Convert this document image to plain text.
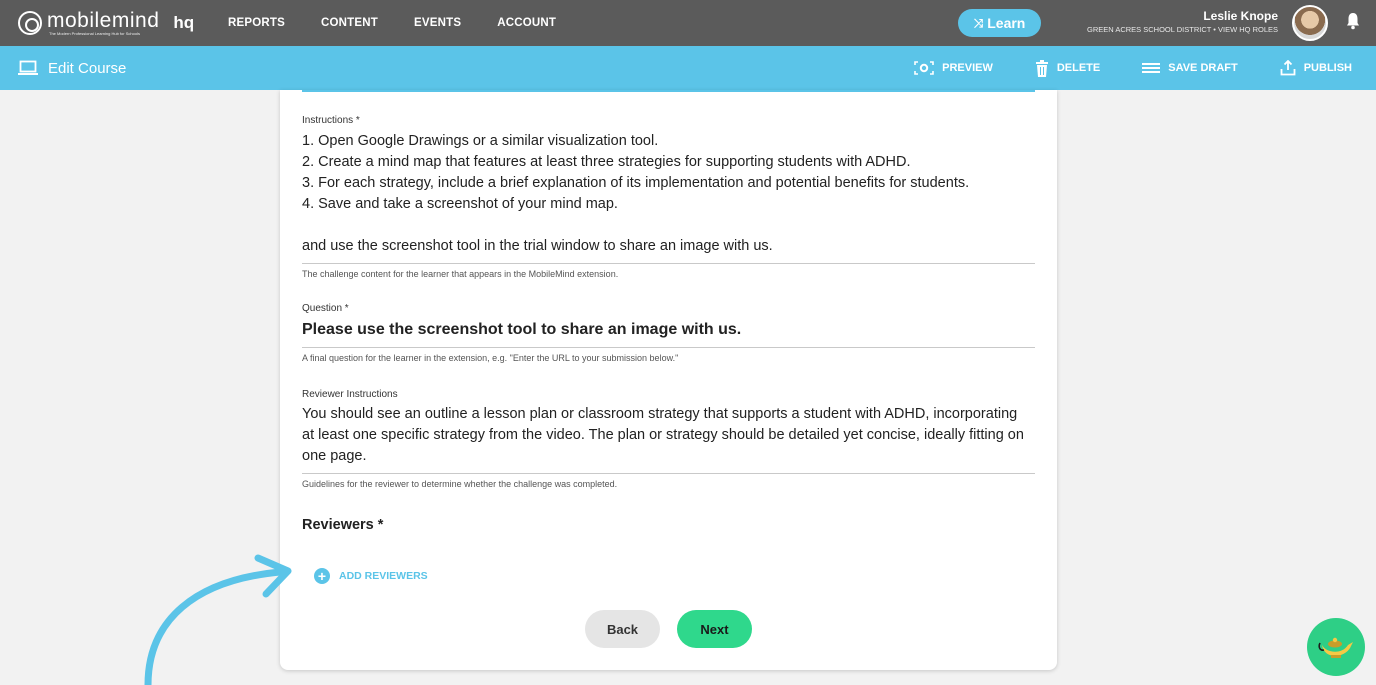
mobilemind
The Modern Professional Learning Hub for Schools
hq	REPORTS	CONTENT	EVENTS	ACCOUNT	⤨ Learn	Leslie Knope
GREEN ACRES SCHOOL DISTRICT • VIEW HQ ROLES
Edit Course	PREVIEW	DELETE	SAVE DRAFT	PUBLISH
Instructions *
1. Open Google Drawings or a similar visualization tool.
2. Create a mind map that features at least three strategies for supporting students with ADHD.
3. For each strategy, include a brief explanation of its implementation and potential benefits for students.
4. Save and take a screenshot of your mind map.
and use the screenshot tool in the trial window to share an image with us.
The challenge content for the learner that appears in the MobileMind extension.
Question *
Please use the screenshot tool to share an image with us.
A final question for the learner in the extension, e.g. "Enter the URL to your submission below."
Reviewer Instructions
You should see an outline a lesson plan or classroom strategy that supports a student with ADHD, incorporating
at least one specific strategy from the video. The plan or strategy should be detailed yet concise, ideally fitting on
one page.
Guidelines for the reviewer to determine whether the challenge was completed.
Reviewers *
+	ADD REVIEWERS
Back	Next
